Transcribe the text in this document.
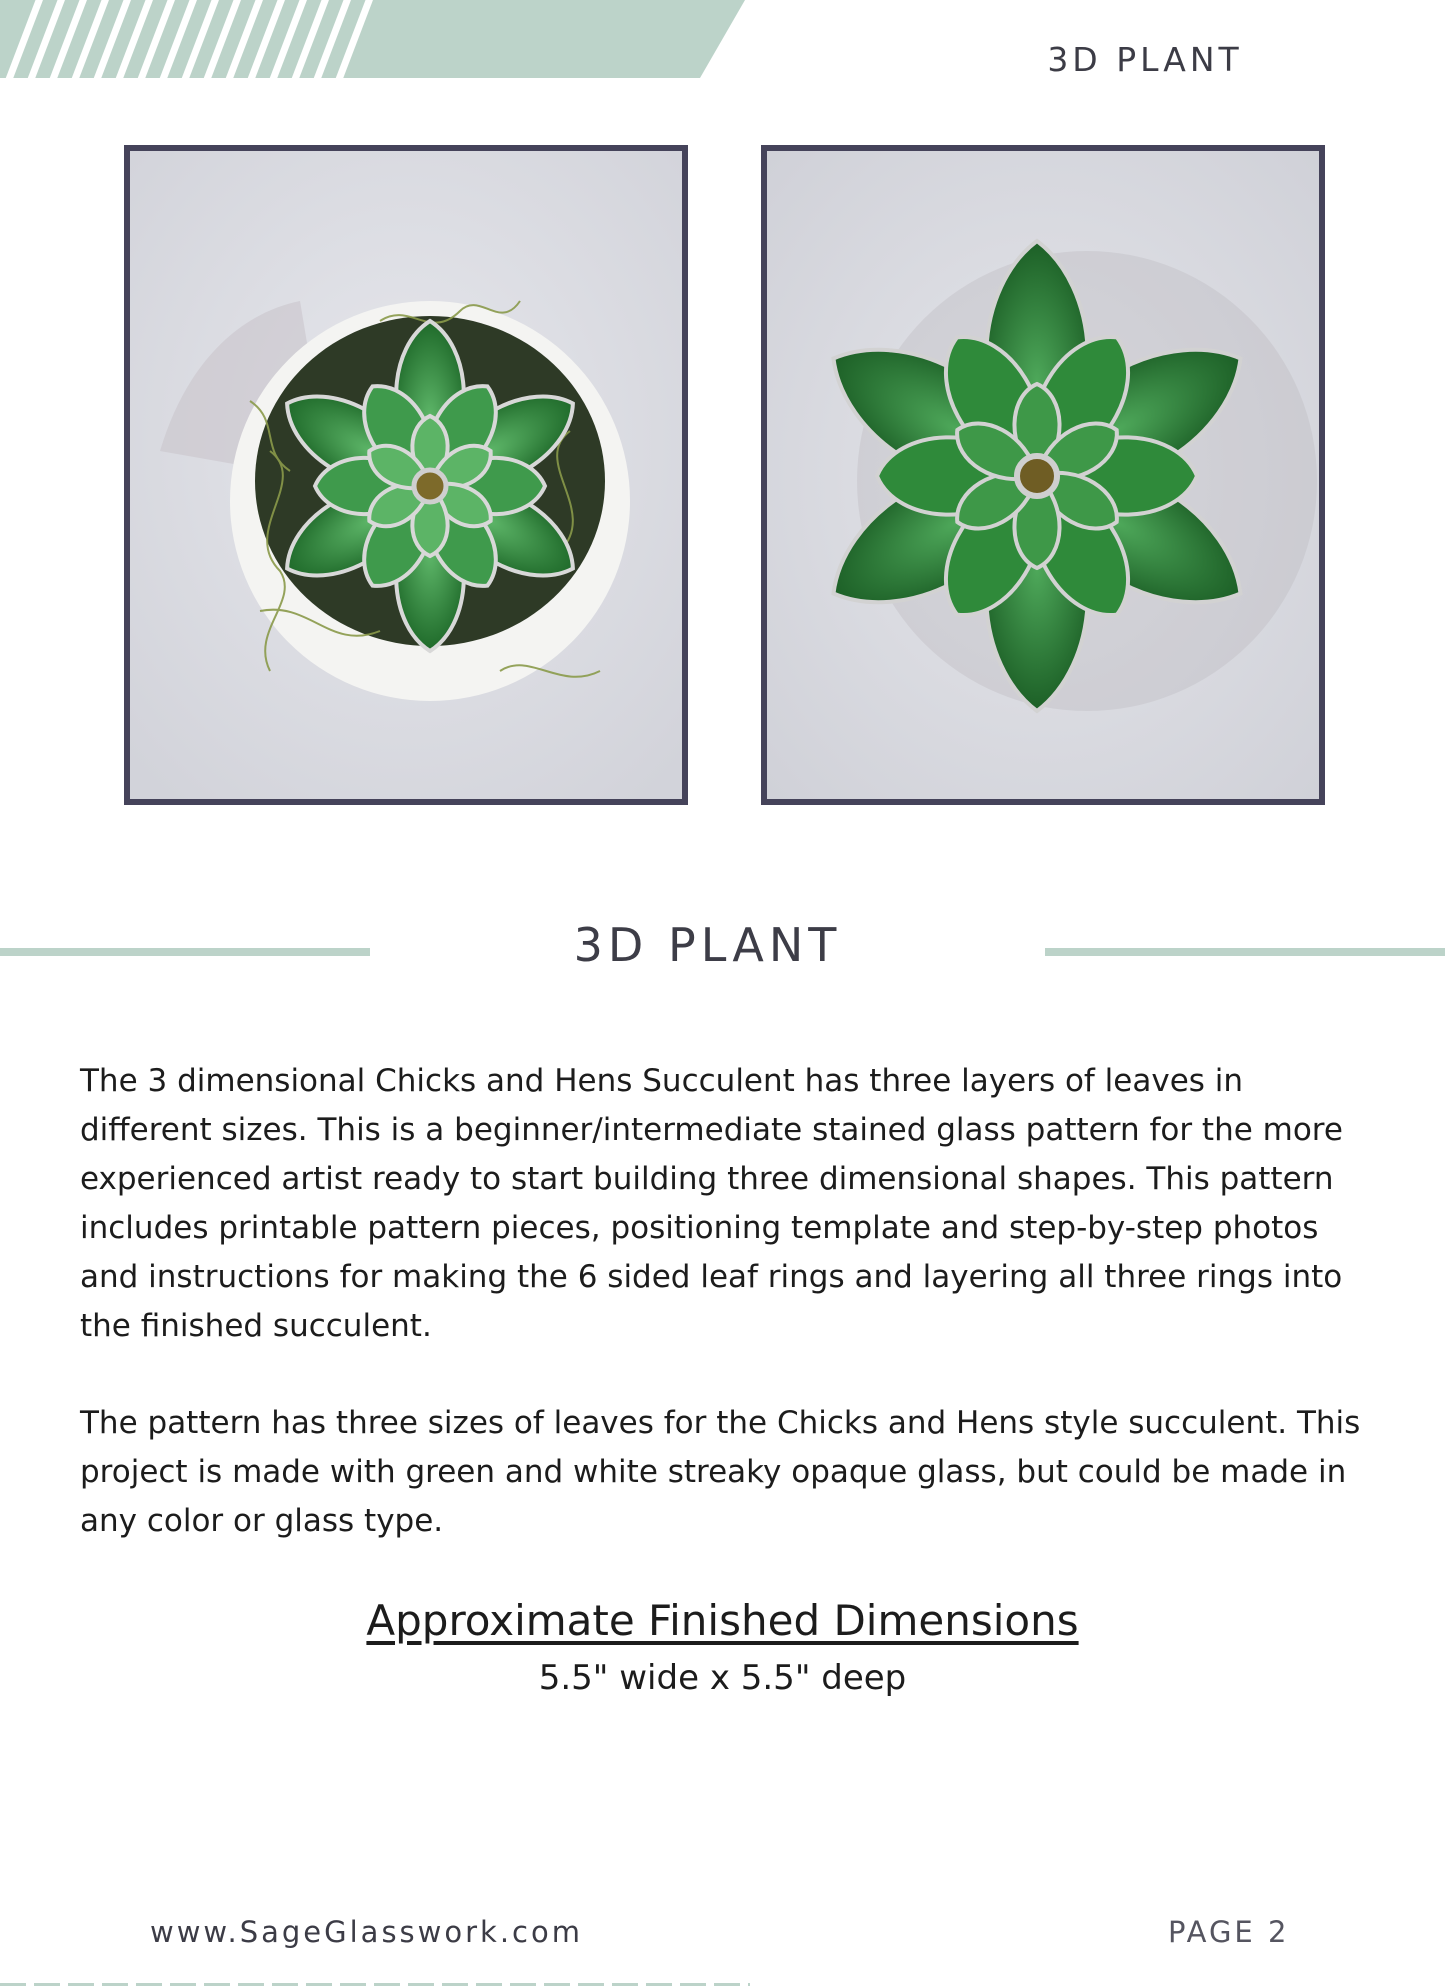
3D PLANT
3D PLANT

The 3 dimensional Chicks and Hens Succulent has three layers of leaves in different sizes. This is a beginner/intermediate stained glass pattern for the more experienced artist ready to start building three dimensional shapes. This pattern includes printable pattern pieces, positioning template and step-by-step photos and instructions for making the 6 sided leaf rings and layering all three rings into the finished succulent.

The pattern has three sizes of leaves for the Chicks and Hens style succulent. This project is made with green and white streaky opaque glass, but could be made in any color or glass type.

Approximate Finished Dimensions
5.5" wide x 5.5" deep
www.SageGlasswork.com	PAGE 2
